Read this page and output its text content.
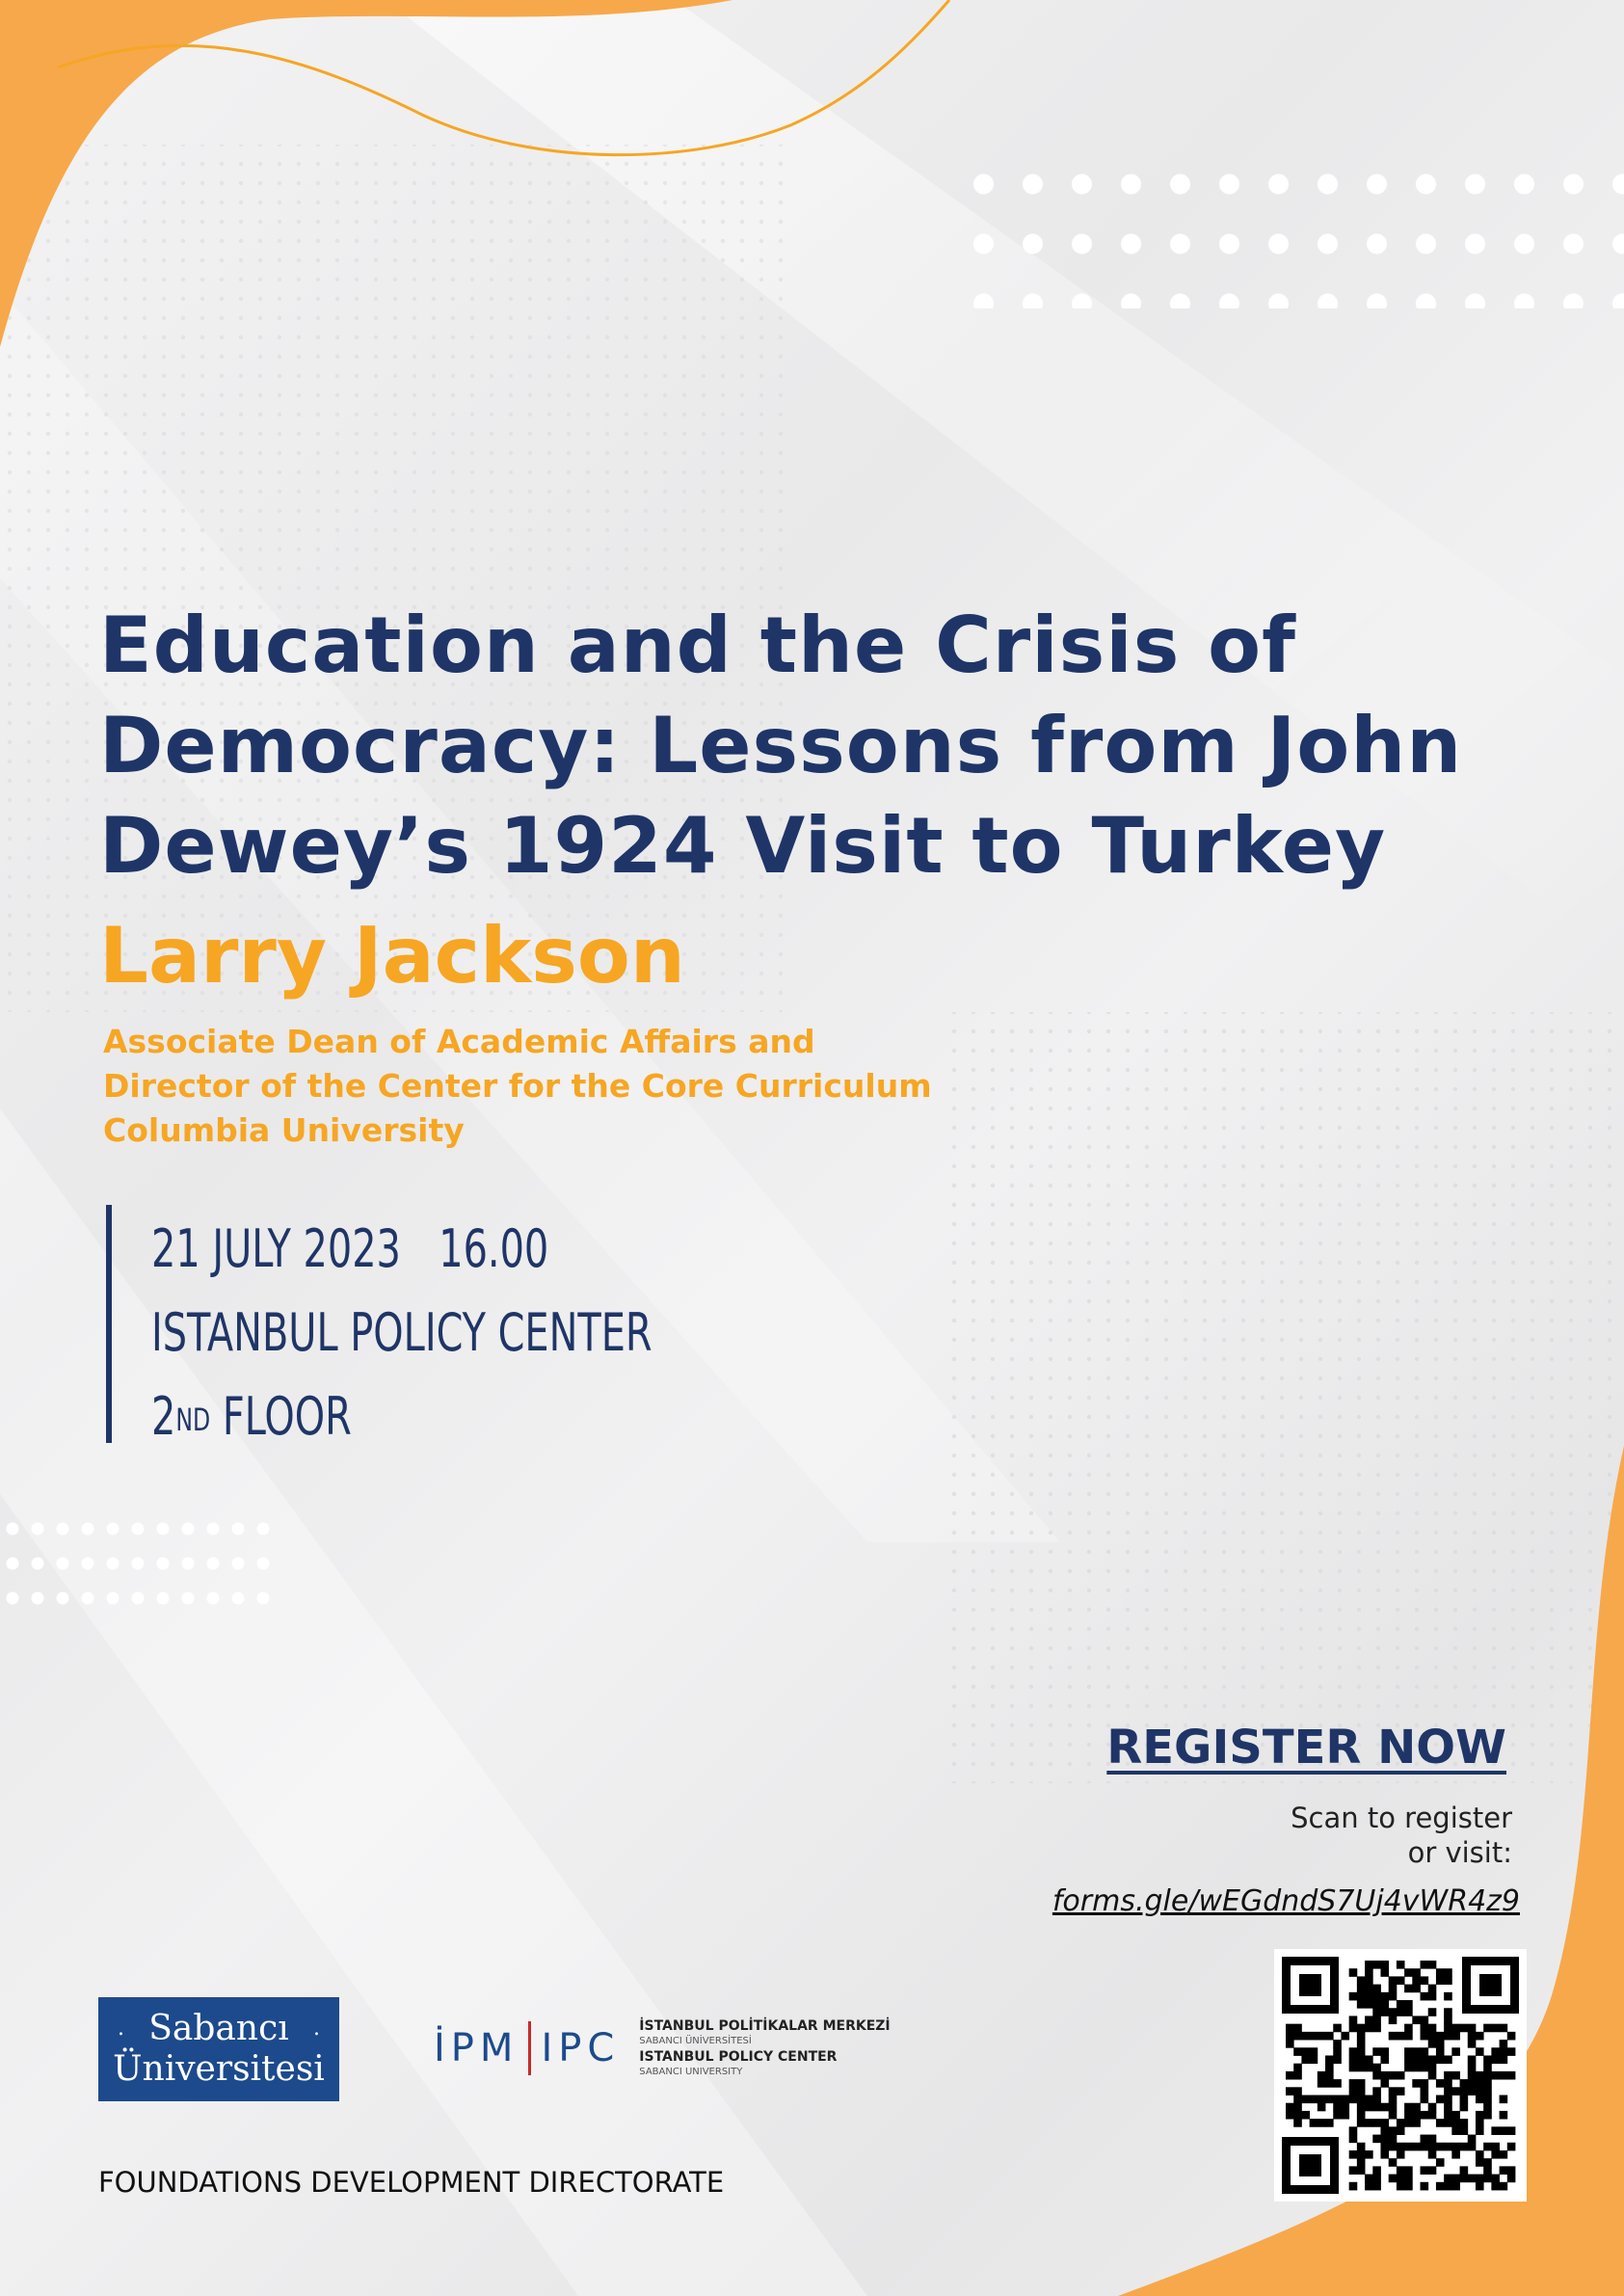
Education and the Crisis of
Democracy: Lessons from John
Dewey’s 1924 Visit to Turkey
Larry Jackson
Associate Dean of Academic Affairs and
Director of the Center for the Core Curriculum
Columbia University
21 JULY 2023 16.00
ISTANBUL POLICY CENTER
2ND FLOOR
REGISTER NOW
Scan to register
or visit:
forms.gle/wEGdndS7Uj4vWR4z9
.	.
Sabancı
Üniversitesi	İPM IPC İSTANBUL POLİTİKALAR MERKEZİ
SABANCI ÜNİVERSİTESİ
ISTANBUL POLICY CENTER
SABANCI UNIVERSITY
FOUNDATIONS DEVELOPMENT DIRECTORATE
